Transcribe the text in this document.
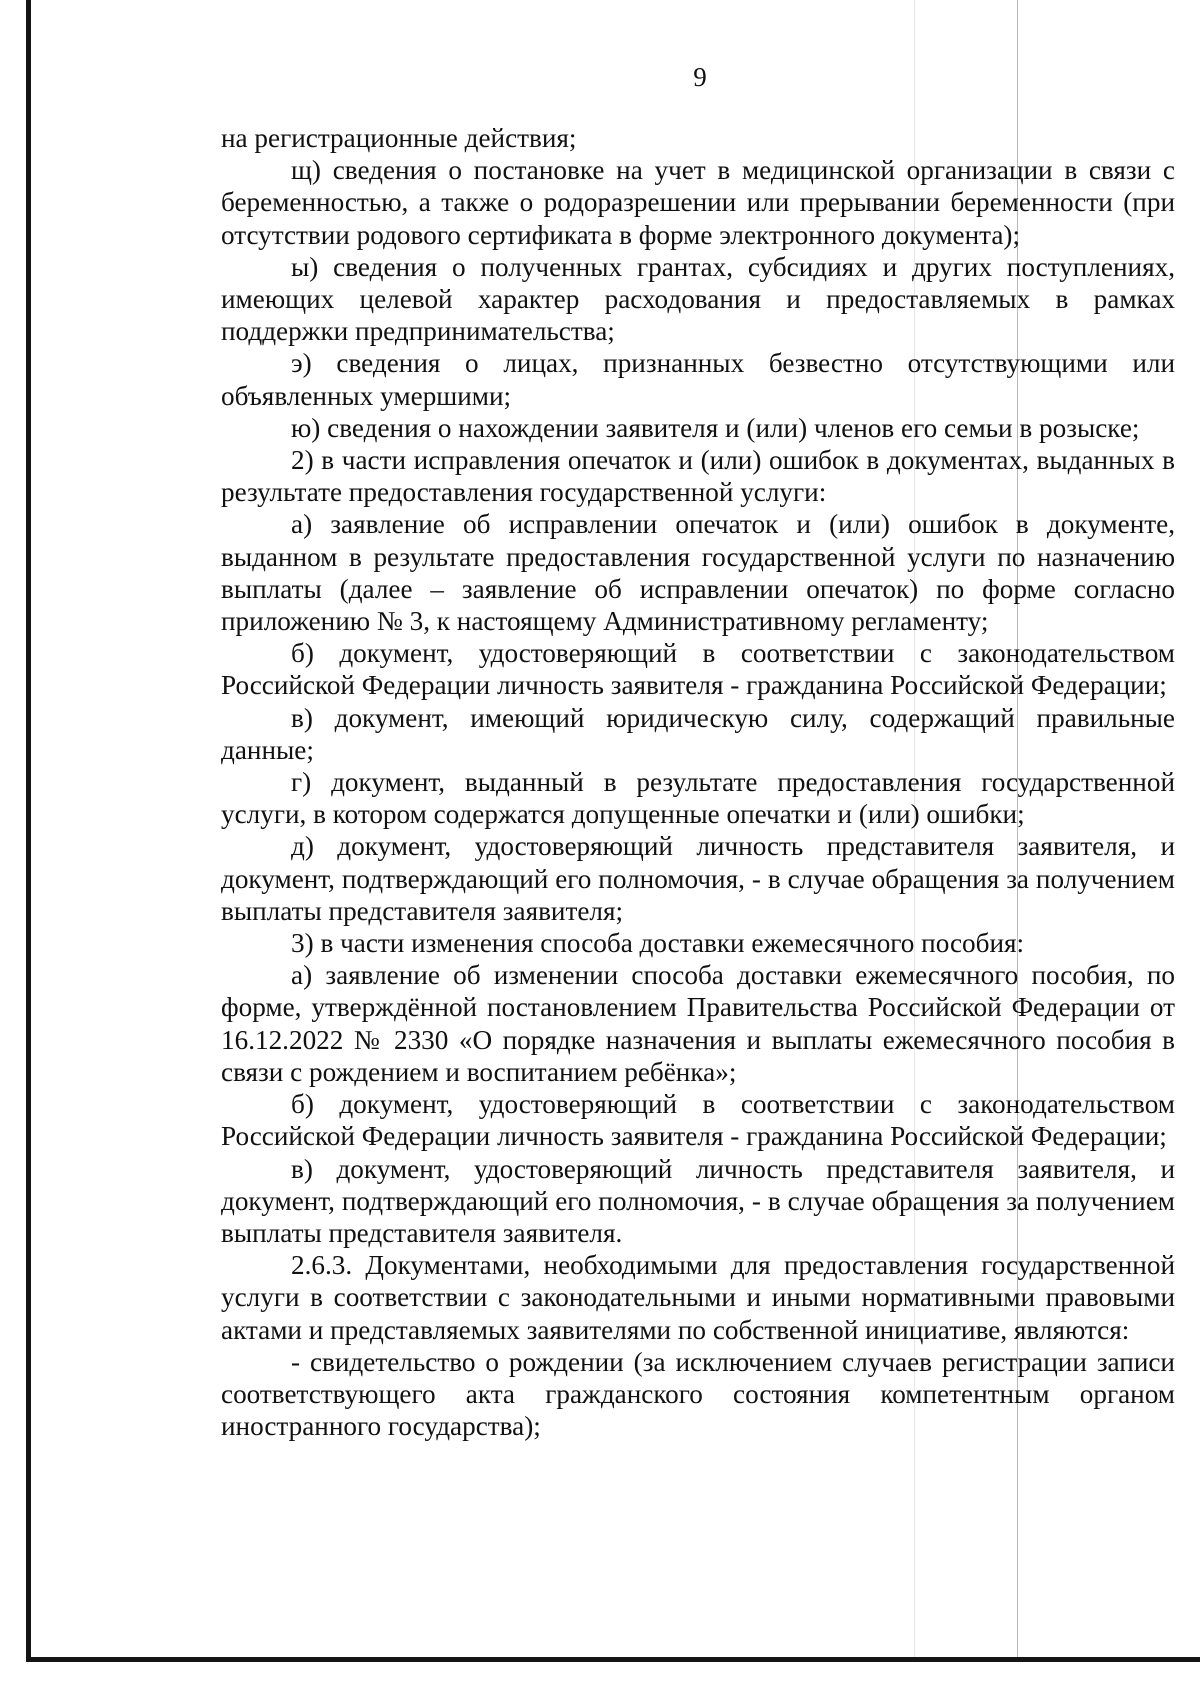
9

на регистрационные действия;

щ) сведения о постановке на учет в медицинской организации в связи с беременностью, а также о родоразрешении или прерывании беременности (при отсутствии родового сертификата в форме электронного документа);

ы) сведения о полученных грантах, субсидиях и других поступлениях, имеющих целевой характер расходования и предоставляемых в рамках поддержки предпринимательства;

э) сведения о лицах, признанных безвестно отсутствующими или объявленных умершими;

ю) сведения о нахождении заявителя и (или) членов его семьи в розыске;

2) в части исправления опечаток и (или) ошибок в документах, выданных в результате предоставления государственной услуги:

а) заявление об исправлении опечаток и (или) ошибок в документе, выданном в результате предоставления государственной услуги по назначению выплаты (далее – заявление об исправлении опечаток) по форме согласно приложению № 3, к настоящему Административному регламенту;

б) документ, удостоверяющий в соответствии с законодательством Российской Федерации личность заявителя - гражданина Российской Федерации;

в) документ, имеющий юридическую силу, содержащий правильные данные;

г) документ, выданный в результате предоставления государственной услуги, в котором содержатся допущенные опечатки и (или) ошибки;

д) документ, удостоверяющий личность представителя заявителя, и документ, подтверждающий его полномочия, - в случае обращения за получением выплаты представителя заявителя;

3) в части изменения способа доставки ежемесячного пособия:

а) заявление об изменении способа доставки ежемесячного пособия, по форме, утверждённой постановлением Правительства Российской Федерации от 16.12.2022 № 2330 «О порядке назначения и выплаты ежемесячного пособия в связи с рождением и воспитанием ребёнка»;

б) документ, удостоверяющий в соответствии с законодательством Российской Федерации личность заявителя - гражданина Российской Федерации;

в) документ, удостоверяющий личность представителя заявителя, и документ, подтверждающий его полномочия, - в случае обращения за получением выплаты представителя заявителя.

2.6.3. Документами, необходимыми для предоставления государственной услуги в соответствии с законодательными и иными нормативными правовыми актами и представляемых заявителями по собственной инициативе, являются:

- свидетельство о рождении (за исключением случаев регистрации записи соответствующего акта гражданского состояния компетентным органом иностранного государства);
